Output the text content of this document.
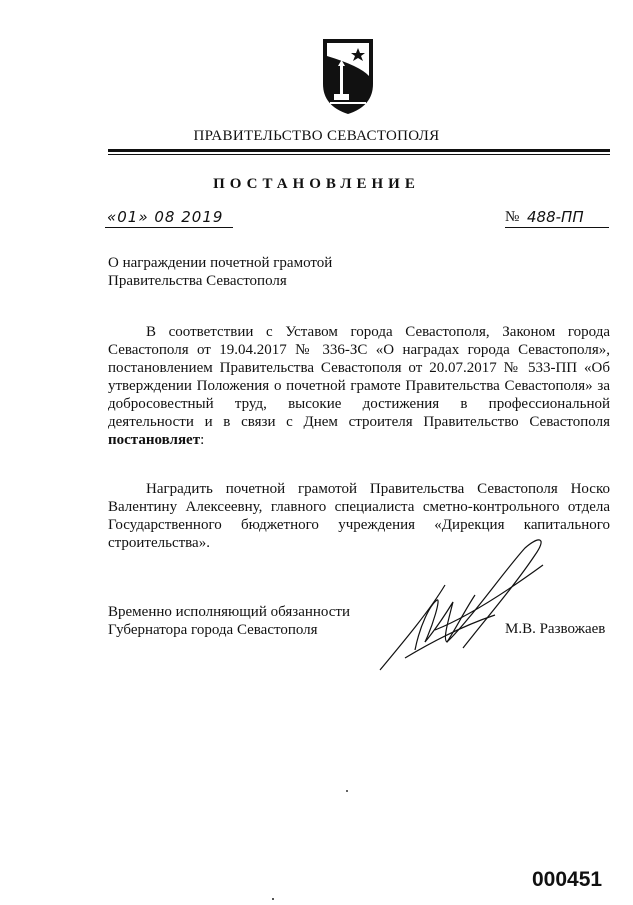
ПРАВИТЕЛЬСТВО СЕВАСТОПОЛЯ
ПОСТАНОВЛЕНИЕ
«01» 08 2019	№ 488-ПП
О награждении почетной грамотой
Правительства Севастополя
В соответствии с Уставом города Севастополя, Законом города Севастополя от 19.04.2017 № 336-ЗС «О наградах города Севастополя», постановлением Правительства Севастополя от 20.07.2017 № 533-ПП «Об утверждении Положения о почетной грамоте Правительства Севастополя» за добросовестный труд, высокие достижения в профессиональной деятельности и в связи с Днем строителя Правительство Севастополя постановляет:
Наградить почетной грамотой Правительства Севастополя Носко Валентину Алексеевну, главного специалиста сметно-контрольного отдела Государственного бюджетного учреждения «Дирекция капитального строительства».
Временно исполняющий обязанности
Губернатора города Севастополя	М.В. Развожаев
000451
